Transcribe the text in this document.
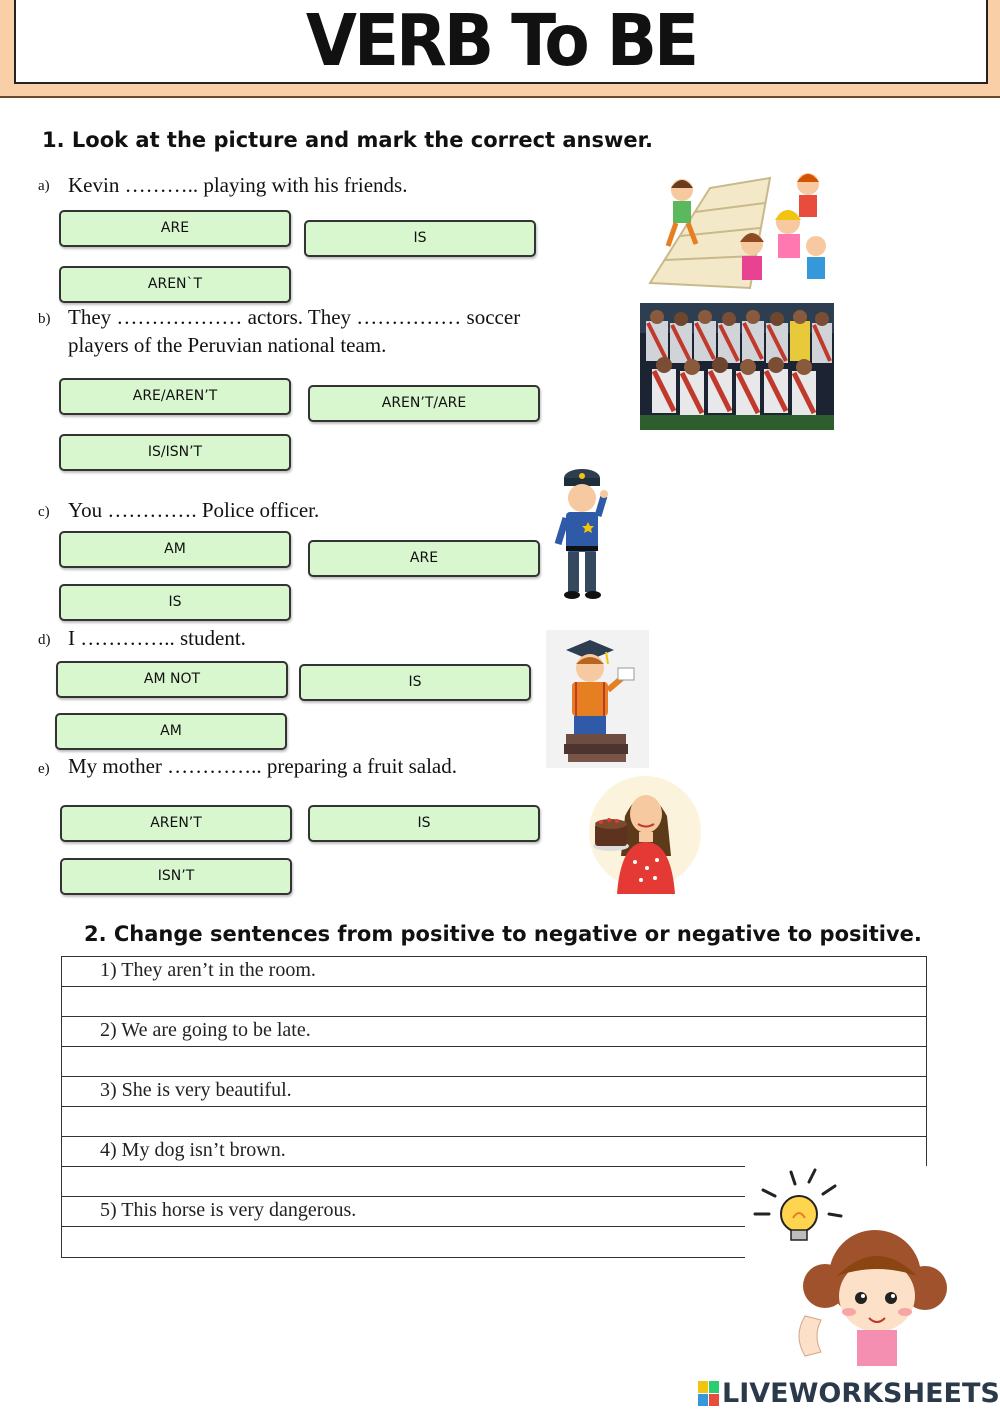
VERB To BE
1. Look at the picture and mark the correct answer.
a) Kevin ……….. playing with his friends.
ARE
IS
AREN`T
b) They ……………… actors. They …………… soccer
players of the Peruvian national team.
ARE/AREN’T	AREN’T/ARE
IS/ISN’T
c) You …………. Police officer.
AM
ARE
IS
d) I ………….. student.
AM NOT	IS
AM
e) My mother ………….. preparing a fruit salad.
AREN’T	IS
ISN’T
2. Change sentences from positive to negative or negative to positive.
1) They aren’t in the room.
2) We are going to be late.
3) She is very beautiful.
4) My dog isn’t brown.
5) This horse is very dangerous.
LIVEWORKSHEETS
